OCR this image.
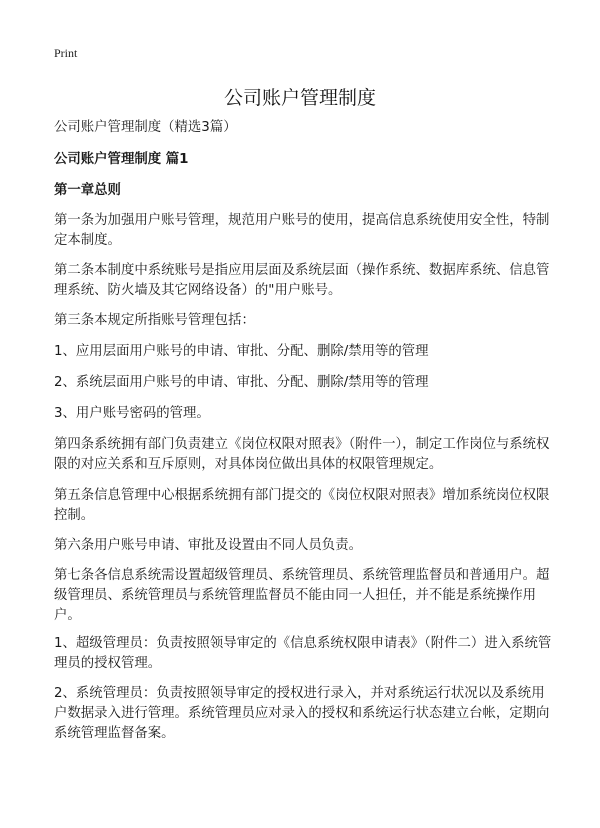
Print
公司账户管理制度

公司账户管理制度（精选3篇）

公司账户管理制度 篇1

第一章总则

第一条为加强用户账号管理，规范用户账号的使用，提高信息系统使用安全性，特制定本制度。

第二条本制度中系统账号是指应用层面及系统层面（操作系统、数据库系统、信息管理系统、防火墙及其它网络设备）的"用户账号。

第三条本规定所指账号管理包括：

1、应用层面用户账号的申请、审批、分配、删除/禁用等的管理

2、系统层面用户账号的申请、审批、分配、删除/禁用等的管理

3、用户账号密码的管理。

第四条系统拥有部门负责建立《岗位权限对照表》（附件一），制定工作岗位与系统权限的对应关系和互斥原则，对具体岗位做出具体的权限管理规定。

第五条信息管理中心根据系统拥有部门提交的《岗位权限对照表》增加系统岗位权限控制。

第六条用户账号申请、审批及设置由不同人员负责。

第七条各信息系统需设置超级管理员、系统管理员、系统管理监督员和普通用户。超级管理员、系统管理员与系统管理监督员不能由同一人担任，并不能是系统操作用户。

1、超级管理员：负责按照领导审定的《信息系统权限申请表》（附件二）进入系统管理员的授权管理。

2、系统管理员：负责按照领导审定的授权进行录入，并对系统运行状况以及系统用户数据录入进行管理。系统管理员应对录入的授权和系统运行状态建立台帐，定期向系统管理监督备案。
